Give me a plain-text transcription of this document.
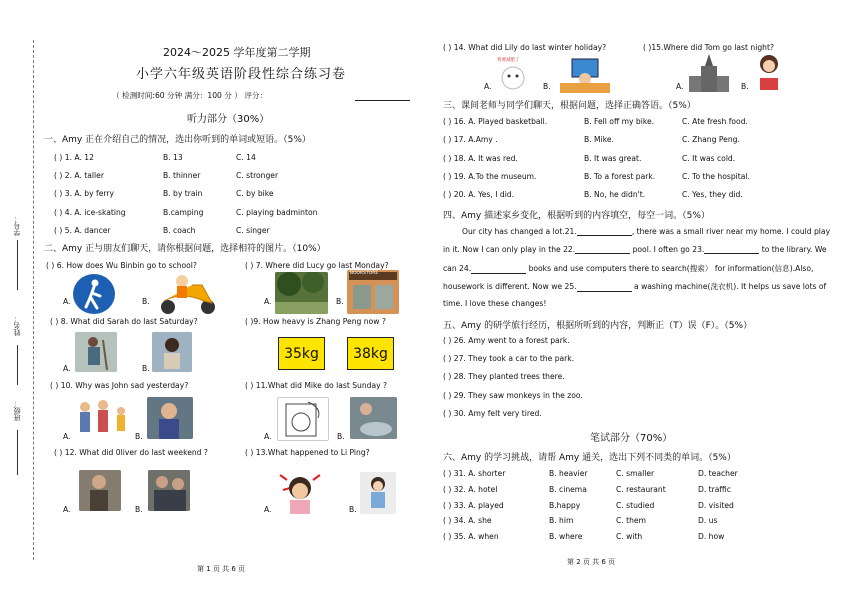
学号：
姓名：
班级：
2024～2025 学年度第二学期
小学六年级英语阶段性综合练习卷
（ 检测时间:60 分钟 满分：100 分 ） 评分：
听力部分（30%）
一、Amy 正在介绍自己的情况，选出你听到的单词或短语。（5%）
( ) 1. A. 12	B. 13	C. 14
( ) 2. A. taller	B. thinner	C. stronger
( ) 3. A. by ferry	B. by train	C. by bike
( ) 4. A. ice-skating	B.camping	C. playing badminton
( ) 5. A. dancer	B. coach	C. singer
二、Amy 正与朋友们聊天，请你根据问题，选择相符的图片。（10%）
( ) 6. How does Wu Binbin go to school?	( ) 7. Where did Lucy go last Monday?
A.	B.	A.	B.
BOOKSTORE
( ) 8. What did Sarah do last Saturday?	( )9. How heavy is Zhang Peng now ?
A.	B.
35kg	38kg
( ) 10. Why was John sad yesterday?	( ) 11.What did Mike do last Sunday ?
A.	B.	A.	B.
( ) 12. What did 0liver do last weekend ?	( ) 13.What happened to Li Ping?
A.	B.	A.	B.
第 1 页 共 6 页
( ) 14. What did Lily do last winter holiday?	( )15.Where did Tom go last night?
A.
我要减肥了
B.	A.	B.
三、课间老师与同学们聊天，根据问题，选择正确答语。（5%）
( ) 16. A. Played basketball.	B. Fell off my bike.	C. Ate fresh food.
( ) 17. A.Amy .	B. Mike.	C. Zhang Peng.
( ) 18. A. It was red.	B. It was great.	C. It was cold.
( ) 19. A.To the museum.	B. To a forest park.	C. To the hospital.
( ) 20. A. Yes, I did.	B. No, he didn't.	C. Yes, they did.
四、Amy 描述家乡变化，根据听到的内容填空，每空一词。（5%）
Our city has changed a lot.21.	, there was a small river near my home. I could play
in it. Now I can only play in the 22.	pool. I often go 23.	to the library. We
can 24.	books and use computers there to search(搜索） for information(信息).Also,
housework is different. Now we 25.	a washing machine(洗衣机). It helps us save lots of
time. I love these changes!
五、Amy 的研学旅行经历，根据所听到的内容，判断正（T）误（F）。（5%）
( ) 26. Amy went to a forest park.
( ) 27. They took a car to the park.
( ) 28. They planted trees there.
( ) 29. They saw monkeys in the zoo.
( ) 30. Amy felt very tired.
笔试部分（70%）
六、Amy 的学习挑战，请帮 Amy 通关，选出下列不同类的单词。（5%）
( ) 31. A. shorter	B. heavier	C. smaller	D. teacher
( ) 32. A. hotel	B. cinema	C. restaurant	D. traffic
( ) 33. A. played	B.happy	C. studied	D. visited
( ) 34. A. she	B. him	C. them	D. us
( ) 35. A. when	B. where	C. with	D. how
第 2 页 共 6 页
